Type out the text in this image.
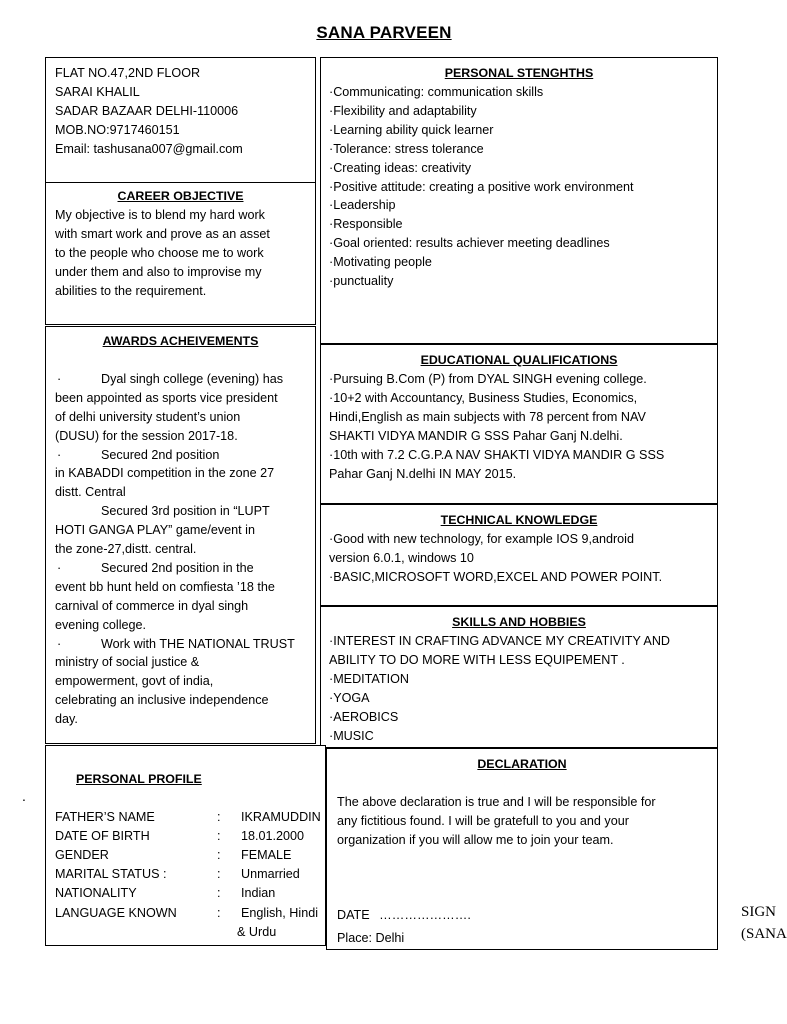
SANA PARVEEN
FLAT NO.47,2ND FLOOR
SARAI KHALIL
SADAR BAZAAR DELHI-110006
MOB.NO:9717460151
Email: tashusana007@gmail.com
CAREER OBJECTIVE
My objective is to blend my hard work
with smart work and prove as an asset
to the people who choose me to work
under them and also to improvise my
abilities to the requirement.
AWARDS ACHEIVEMENTS
·	Dyal singh college (evening) has
been appointed as sports vice president
of delhi university student’s union
(DUSU) for the session 2017-18.
·	Secured 2nd position
in KABADDI competition in the zone 27
distt. Central
Secured 3rd position in “LUPT
HOTI GANGA PLAY” game/event in
the zone-27,distt. central.
·	Secured 2nd position in the
event bb hunt held on comfiesta ’18 the
carnival of commerce in dyal singh
evening college.
·	Work with THE NATIONAL TRUST
ministry of social justice &
empowerment, govt of india,
celebrating an inclusive independence
day.
PERSONAL STENGHTHS
·Communicating: communication skills
·Flexibility and adaptability
·Learning ability quick learner
·Tolerance: stress tolerance
·Creating ideas: creativity
·Positive attitude: creating a positive work environment
·Leadership
·Responsible
·Goal oriented: results achiever meeting deadlines
·Motivating people
·punctuality
EDUCATIONAL QUALIFICATIONS
·Pursuing B.Com (P) from DYAL SINGH evening college.
·10+2 with Accountancy, Business Studies, Economics,
Hindi,English as main subjects with 78 percent from NAV
SHAKTI VIDYA MANDIR G SSS Pahar Ganj N.delhi.
·10th with 7.2 C.G.P.A NAV SHAKTI VIDYA MANDIR G SSS
Pahar Ganj N.delhi IN MAY 2015.
TECHNICAL KNOWLEDGE
·Good with new technology, for example IOS 9,android
version 6.0.1, windows 10
·BASIC,MICROSOFT WORD,EXCEL AND POWER POINT.
SKILLS AND HOBBIES
·INTEREST IN CRAFTING ADVANCE MY CREATIVITY AND
ABILITY TO DO MORE WITH LESS EQUIPEMENT .
·MEDITATION
·YOGA
·AEROBICS
·MUSIC
PERSONAL PROFILE
FATHER’S NAME	: IKRAMUDDIN
DATE OF BIRTH	: 18.01.2000
GENDER	: FEMALE
MARITAL STATUS :	: Unmarried
NATIONALITY	: Indian
LANGUAGE KNOWN	: English, Hindi
& Urdu
DECLARATION
The above declaration is true and I will be responsible for
any fictitious found. I will be gratefull to you and your
organization if you will allow me to join your team.
DATE ………………….
Place: Delhi
.
SIGN
(SANA
